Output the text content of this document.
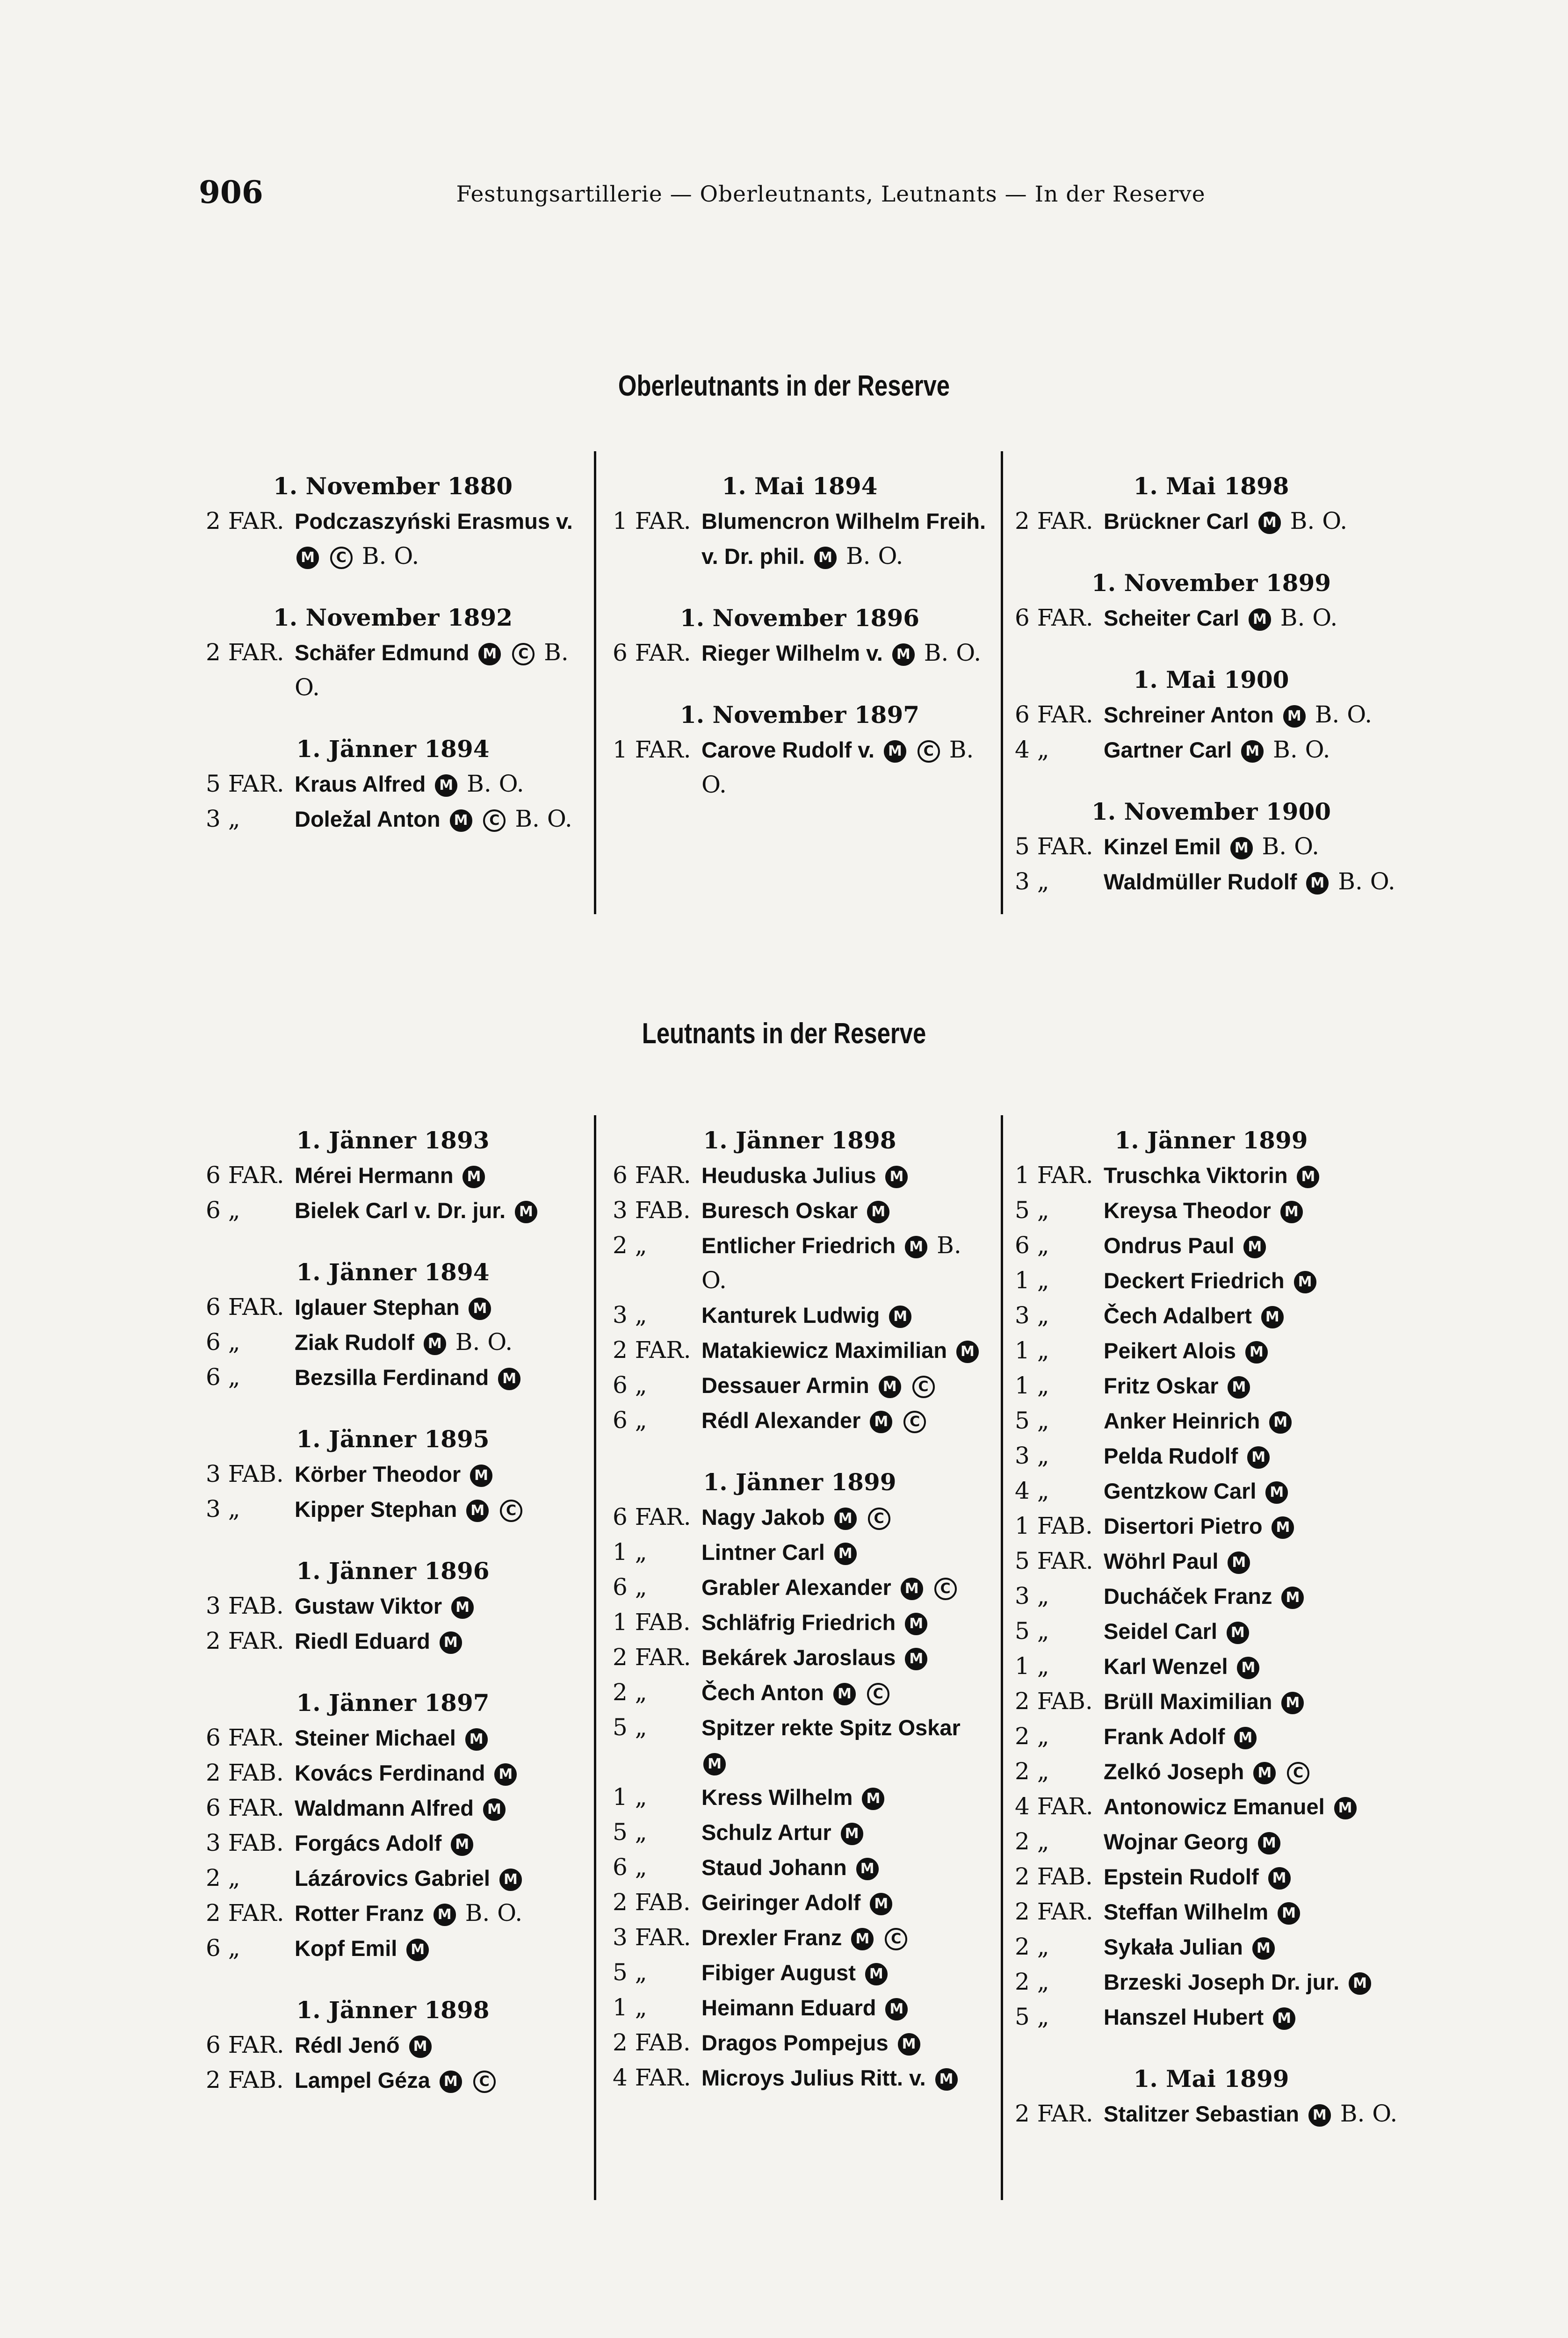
906	Festungsartillerie — Oberleutnants, Leutnants — In der Reserve
Oberleutnants in der Reserve
Leutnants in der Reserve
1. November 1880
2 FAR. Podczaszyński Erasmus v. M C B. O.
1. November 1892
2 FAR. Schäfer Edmund M C B. O.
1. Jänner 1894
5 FAR. Kraus Alfred M B. O.
3 „	Doležal Anton M C B. O.
1. Mai 1894
1 FAR. Blumencron Wilhelm Freih. v. Dr. phil. M B. O.
1. November 1896
6 FAR. Rieger Wilhelm v. M B. O.
1. November 1897
1 FAR. Carove Rudolf v. M C B. O.
1. Mai 1898
2 FAR. Brückner Carl M B. O.
1. November 1899
6 FAR. Scheiter Carl M B. O.
1. Mai 1900
6 FAR. Schreiner Anton M B. O.
4 „	Gartner Carl M B. O.
1. November 1900
5 FAR. Kinzel Emil M B. O.
3 „	Waldmüller Rudolf M B. O.
1. Jänner 1893
6 FAR. Mérei Hermann M
6 „	Bielek Carl v. Dr. jur. M
1. Jänner 1894
6 FAR. Iglauer Stephan M
6 „	Ziak Rudolf M B. O.
6 „	Bezsilla Ferdinand M
1. Jänner 1895
3 FAB. Körber Theodor M
3 „	Kipper Stephan M C
1. Jänner 1896
3 FAB. Gustaw Viktor M
2 FAR. Riedl Eduard M
1. Jänner 1897
6 FAR. Steiner Michael M
2 FAB. Kovács Ferdinand M
6 FAR. Waldmann Alfred M
3 FAB. Forgács Adolf M
2 „	Lázárovics Gabriel M
2 FAR. Rotter Franz M B. O.
6 „	Kopf Emil M
1. Jänner 1898
6 FAR. Rédl Jenő M
2 FAB. Lampel Géza M C
1. Jänner 1898
6 FAR. Heuduska Julius M
3 FAB. Buresch Oskar M
2 „	Entlicher Friedrich M B. O.
3 „	Kanturek Ludwig M
2 FAR. Matakiewicz Maximilian M
6 „	Dessauer Armin M C
6 „	Rédl Alexander M C
1. Jänner 1899
6 FAR. Nagy Jakob M C
1 „	Lintner Carl M
6 „	Grabler Alexander M C
1 FAB. Schläfrig Friedrich M
2 FAR. Bekárek Jaroslaus M
2 „	Čech Anton M C
5 „	Spitzer rekte Spitz Oskar M
1 „	Kress Wilhelm M
5 „	Schulz Artur M
6 „	Staud Johann M
2 FAB. Geiringer Adolf M
3 FAR. Drexler Franz M C
5 „	Fibiger August M
1 „	Heimann Eduard M
2 FAB. Dragos Pompejus M
4 FAR. Microys Julius Ritt. v. M
1. Jänner 1899
1 FAR. Truschka Viktorin M
5 „	Kreysa Theodor M
6 „	Ondrus Paul M
1 „	Deckert Friedrich M
3 „	Čech Adalbert M
1 „	Peikert Alois M
1 „	Fritz Oskar M
5 „	Anker Heinrich M
3 „	Pelda Rudolf M
4 „	Gentzkow Carl M
1 FAB. Disertori Pietro M
5 FAR. Wöhrl Paul M
3 „	Ducháček Franz M
5 „	Seidel Carl M
1 „	Karl Wenzel M
2 FAB. Brüll Maximilian M
2 „	Frank Adolf M
2 „	Zelkó Joseph M C
4 FAR. Antonowicz Emanuel M
2 „	Wojnar Georg M
2 FAB. Epstein Rudolf M
2 FAR. Steffan Wilhelm M
2 „	Sykała Julian M
2 „	Brzeski Joseph Dr. jur. M
5 „	Hanszel Hubert M
1. Mai 1899
2 FAR. Stalitzer Sebastian M B. O.
